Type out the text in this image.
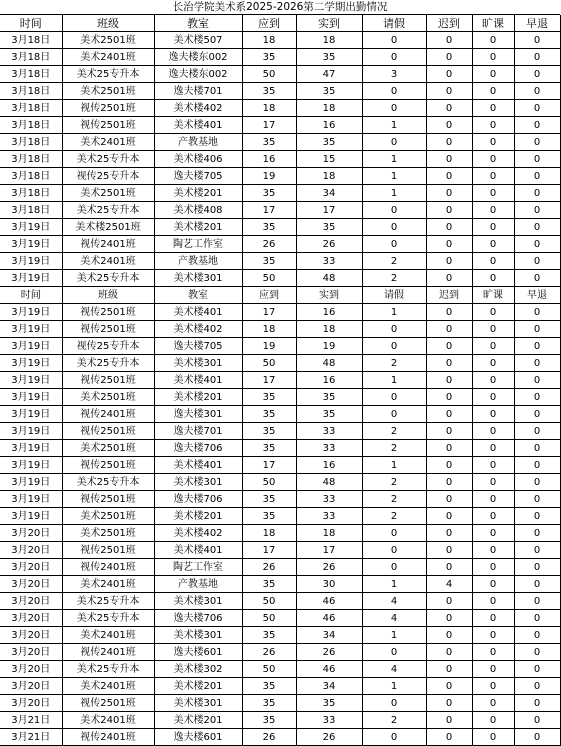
长治学院美术系2025-2026第二学期出勤情况
时间	班级	教室	应到	实到	请假	迟到	旷课	早退
3月18日	美术2501班	美术楼507	18	18	0	0	0	0
3月18日	美术2401班	逸夫楼东002	35	35	0	0	0	0
3月18日	美术25专升本	逸夫楼东002	50	47	3	0	0	0
3月18日	美术2501班	逸夫楼701	35	35	0	0	0	0
3月18日	视传2501班	美术楼402	18	18	0	0	0	0
3月18日	视传2501班	美术楼401	17	16	1	0	0	0
3月18日	美术2401班	产教基地	35	35	0	0	0	0
3月18日	美术25专升本	美术楼406	16	15	1	0	0	0
3月18日	视传25专升本	逸夫楼705	19	18	1	0	0	0
3月18日	美术2501班	美术楼201	35	34	1	0	0	0
3月18日	美术25专升本	美术楼408	17	17	0	0	0	0
3月19日	美术楼2501班	美术楼201	35	35	0	0	0	0
3月19日	视传2401班	陶艺工作室	26	26	0	0	0	0
3月19日	美术2401班	产教基地	35	33	2	0	0	0
3月19日	美术25专升本	美术楼301	50	48	2	0	0	0
时间	班级	教室	应到	实到	请假	迟到	旷课	早退
3月19日	视传2501班	美术楼401	17	16	1	0	0	0
3月19日	视传2501班	美术楼402	18	18	0	0	0	0
3月19日	视传25专升本	逸夫楼705	19	19	0	0	0	0
3月19日	美术25专升本	美术楼301	50	48	2	0	0	0
3月19日	视传2501班	美术楼401	17	16	1	0	0	0
3月19日	美术2501班	美术楼201	35	35	0	0	0	0
3月19日	视传2401班	逸夫楼301	35	35	0	0	0	0
3月19日	视传2501班	逸夫楼701	35	33	2	0	0	0
3月19日	美术2501班	逸夫楼706	35	33	2	0	0	0
3月19日	视传2501班	美术楼401	17	16	1	0	0	0
3月19日	美术25专升本	美术楼301	50	48	2	0	0	0
3月19日	视传2501班	逸夫楼706	35	33	2	0	0	0
3月19日	美术2501班	美术楼201	35	33	2	0	0	0
3月20日	美术2501班	美术楼402	18	18	0	0	0	0
3月20日	视传2501班	美术楼401	17	17	0	0	0	0
3月20日	视传2401班	陶艺工作室	26	26	0	0	0	0
3月20日	美术2401班	产教基地	35	30	1	4	0	0
3月20日	美术25专升本	美术楼301	50	46	4	0	0	0
3月20日	美术25专升本	逸夫楼706	50	46	4	0	0	0
3月20日	美术2401班	美术楼301	35	34	1	0	0	0
3月20日	视传2401班	逸夫楼601	26	26	0	0	0	0
3月20日	美术25专升本	美术楼302	50	46	4	0	0	0
3月20日	美术2401班	美术楼201	35	34	1	0	0	0
3月20日	视传2501班	美术楼301	35	35	0	0	0	0
3月21日	美术2401班	美术楼201	35	33	2	0	0	0
3月21日	视传2401班	逸夫楼601	26	26	0	0	0	0
